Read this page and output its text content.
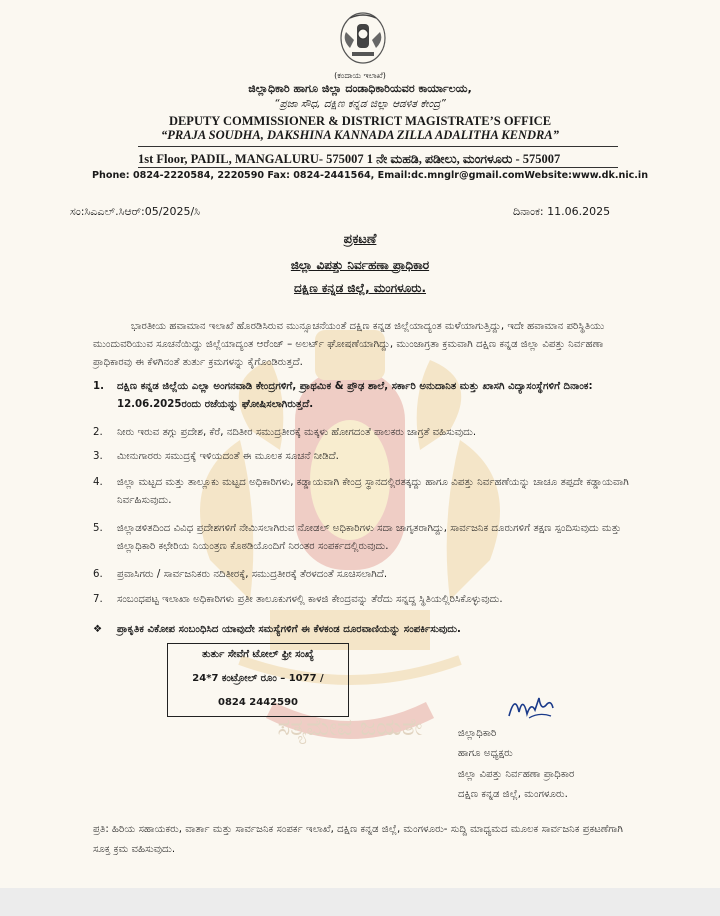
ಸತ್ಯಮೇವ ಜಯತೇ
(ಕಂದಾಯ ಇಲಾಖೆ)
ಜಿಲ್ಲಾಧಿಕಾರಿ ಹಾಗೂ ಜಿಲ್ಲಾ ದಂಡಾಧಿಕಾರಿಯವರ ಕಾರ್ಯಾಲಯ,
“ಪ್ರಜಾ ಸೌಧ, ದಕ್ಷಿಣ ಕನ್ನಡ ಜಿಲ್ಲಾ ಆಡಳಿತ ಕೇಂದ್ರ”
DEPUTY COMMISSIONER & DISTRICT MAGISTRATE’S OFFICE
“PRAJA SOUDHA, DAKSHINA KANNADA ZILLA ADALITHA KENDRA”
1st Floor, PADIL, MANGALURU- 575007 1 ನೇ ಮಹಡಿ, ಪಡೀಲು, ಮಂಗಳೂರು - 575007
Phone: 0824-2220584, 2220590 Fax: 0824-2441564, Email:dc.mnglr@gmail.comWebsite:www.dk.nic.in
ಸಂ:ಸಿಎಎಲ್.ಸಿಆರ್:05/2025/ಸಿ	ದಿನಾಂಕ: 11.06.2025
ಪ್ರಕಟಣೆ
ಜಿಲ್ಲಾ ವಿಪತ್ತು ನಿರ್ವಹಣಾ ಪ್ರಾಧಿಕಾರ
ದಕ್ಷಿಣ ಕನ್ನಡ ಜಿಲ್ಲೆ, ಮಂಗಳೂರು.
ಭಾರತೀಯ ಹವಾಮಾನ ಇಲಾಖೆ ಹೊರಡಿಸಿರುವ ಮುನ್ಸೂಚನೆಯಂತೆ ದಕ್ಷಿಣ ಕನ್ನಡ ಜಿಲ್ಲೆಯಾದ್ಯಂತ ಮಳೆಯಾಗುತ್ತಿದ್ದು, ಇದೇ ಹವಾಮಾನ ಪರಿಸ್ಥಿತಿಯು ಮುಂದುವರಿಯುವ ಸೂಚನೆಯಿದ್ದು ಜಿಲ್ಲೆಯಾದ್ಯಂತ ಆರೆಂಜ್ – ಅಲರ್ಟ್ ಘೋಷಣೆಯಾಗಿದ್ದು, ಮುಂಜಾಗ್ರತಾ ಕ್ರಮವಾಗಿ ದಕ್ಷಿಣ ಕನ್ನಡ ಜಿಲ್ಲಾ ವಿಪತ್ತು ನಿರ್ವಹಣಾ ಪ್ರಾಧಿಕಾರವು ಈ ಕೆಳಗಿನಂತೆ ತುರ್ತು ಕ್ರಮಗಳನ್ನು ಕೈಗೊಂಡಿರುತ್ತದೆ.
1. ದಕ್ಷಿಣ ಕನ್ನಡ ಜಿಲ್ಲೆಯ ಎಲ್ಲಾ ಅಂಗನವಾಡಿ ಕೇಂದ್ರಗಳಿಗೆ, ಪ್ರಾಥಮಿಕ & ಪ್ರೌಢ ಶಾಲೆ, ಸರ್ಕಾರಿ ಅನುದಾನಿತ ಮತ್ತು ಖಾಸಗಿ ವಿದ್ಯಾಸಂಸ್ಥೆಗಳಿಗೆ ದಿನಾಂಕ: 12.06.2025ರಂದು ರಜೆಯನ್ನು ಘೋಷಿಸಲಾಗಿರುತ್ತದೆ.
2. ನೀರು ಇರುವ ತಗ್ಗು ಪ್ರದೇಶ, ಕೆರೆ, ನದಿತೀರ ಸಮುದ್ರತೀರಕ್ಕೆ ಮಕ್ಕಳು ಹೋಗದಂತೆ ಪಾಲಕರು ಜಾಗ್ರತೆ ವಹಿಸುವುದು.
3. ಮೀನುಗಾರರು ಸಮುದ್ರಕ್ಕೆ ಇಳಿಯದಂತೆ ಈ ಮೂಲಕ ಸೂಚನೆ ನೀಡಿದೆ.
4. ಜಿಲ್ಲಾ ಮಟ್ಟದ ಮತ್ತು ತಾಲ್ಲೂಕು ಮಟ್ಟದ ಅಧಿಕಾರಿಗಳು, ಕಡ್ಡಾಯವಾಗಿ ಕೇಂದ್ರ ಸ್ಥಾನದಲ್ಲಿರತಕ್ಕದ್ದು ಹಾಗೂ ವಿಪತ್ತು ನಿರ್ವಹಣೆಯನ್ನು ಚಾಚೂ ತಪ್ಪದೇ ಕಡ್ಡಾಯವಾಗಿ ನಿರ್ವಹಿಸುವುದು.
5. ಜಿಲ್ಲಾಡಳಿತದಿಂದ ವಿವಿಧ ಪ್ರದೇಶಗಳಿಗೆ ನೇಮಿಸಲಾಗಿರುವ ನೋಡಲ್ ಅಧಿಕಾರಿಗಳು ಸದಾ ಜಾಗೃತರಾಗಿದ್ದು, ಸಾರ್ವಜನಿಕ ದೂರುಗಳಿಗೆ ತಕ್ಷಣ ಸ್ಪಂದಿಸುವುದು ಮತ್ತು ಜಿಲ್ಲಾಧಿಕಾರಿ ಕಛೇರಿಯ ನಿಯಂತ್ರಣ ಕೊಠಡಿಯೊಂದಿಗೆ ನಿರಂತರ ಸಂಪರ್ಕದಲ್ಲಿರುವುದು.
6. ಪ್ರವಾಸಿಗರು / ಸಾರ್ವಜನಿಕರು ನದಿತೀರಕ್ಕೆ, ಸಮುದ್ರತೀರಕ್ಕೆ ತೆರಳದಂತೆ ಸೂಚಿಸಲಾಗಿದೆ.
7. ಸಂಬಂಧಪಟ್ಟ ಇಲಾಖಾ ಅಧಿಕಾರಿಗಳು ಪ್ರತೀ ತಾಲೂಕುಗಳಲ್ಲಿ ಕಾಳಜಿ ಕೇಂದ್ರವನ್ನು ತೆರೆದು ಸನ್ನದ್ದ ಸ್ಥಿತಿಯಲ್ಲಿರಿಸಿಕೊಳ್ಳುವುದು.
❖ ಪ್ರಾಕೃತಿಕ ವಿಕೋಪ ಸಂಬಂಧಿಸಿದ ಯಾವುದೇ ಸಮಸ್ಯೆಗಳಿಗೆ ಈ ಕೆಳಕಂಡ ದೂರವಾಣಿಯನ್ನು ಸಂಪರ್ಕಿಸುವುದು.
ತುರ್ತು ಸೇವೆಗೆ ಟೋಲ್ ಫ್ರೀ ಸಂಖ್ಯೆ
24*7 ಕಂಟ್ರೋಲ್ ರೂಂ – 1077 /
0824 2442590
ಜಿಲ್ಲಾಧಿಕಾರಿ
ಹಾಗೂ ಅಧ್ಯಕ್ಷರು
ಜಿಲ್ಲಾ ವಿಪತ್ತು ನಿರ್ವಹಣಾ ಪ್ರಾಧಿಕಾರ
ದಕ್ಷಿಣ ಕನ್ನಡ ಜಿಲ್ಲೆ, ಮಂಗಳೂರು.
ಪ್ರತಿ: ಹಿರಿಯ ಸಹಾಯಕರು, ವಾರ್ತಾ ಮತ್ತು ಸಾರ್ವಜನಿಕ ಸಂಪರ್ಕ ಇಲಾಖೆ, ದಕ್ಷಿಣ ಕನ್ನಡ ಜಿಲ್ಲೆ, ಮಂಗಳೂರು- ಸುದ್ದಿ ಮಾಧ್ಯಮದ ಮೂಲಕ ಸಾರ್ವಜನಿಕ ಪ್ರಕಟಣೆಗಾಗಿ ಸೂಕ್ತ ಕ್ರಮ ವಹಿಸುವುದು.
